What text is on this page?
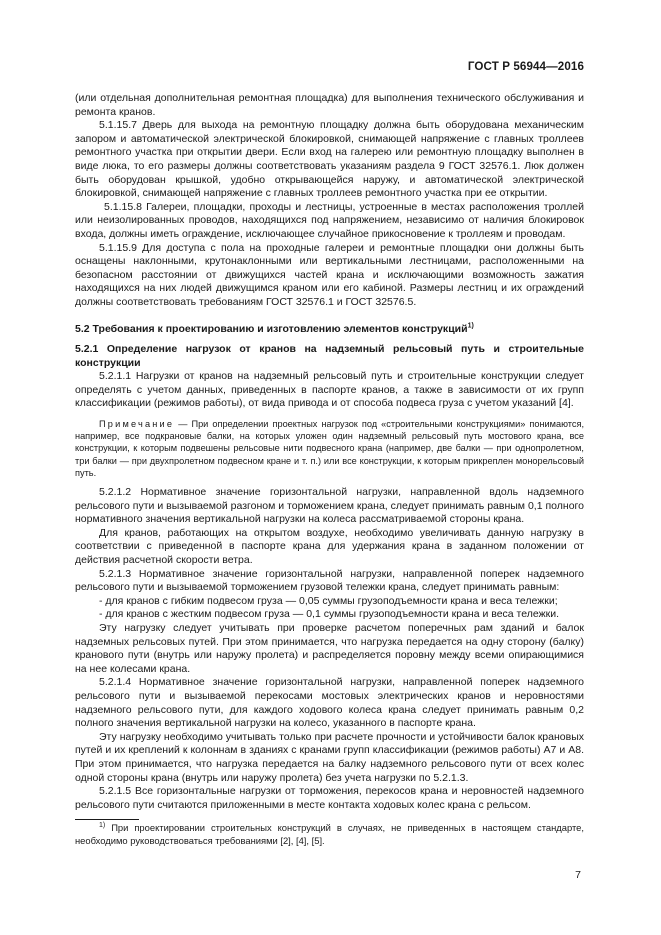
ГОСТ Р 56944—2016

(или отдельная дополнительная ремонтная площадка) для выполнения технического обслуживания и ремонта кранов.

5.1.15.7 Дверь для выхода на ремонтную площадку должна быть оборудована механическим запором и автоматической электрической блокировкой, снимающей напряжение с главных троллеев ремонтного участка при открытии двери. Если вход на галерею или ремонтную площадку выполнен в виде люка, то его размеры должны соответствовать указаниям раздела 9 ГОСТ 32576.1. Люк должен быть оборудован крышкой, удобно открывающейся наружу, и автоматической электрической блокировкой, снимающей напряжение с главных троллеев ремонтного участка при ее открытии.

5.1.15.8 Галереи, площадки, проходы и лестницы, устроенные в местах расположения троллей или неизолированных проводов, находящихся под напряжением, независимо от наличия блокировок входа, должны иметь ограждение, исключающее случайное прикосновение к троллеям и проводам.

5.1.15.9 Для доступа с пола на проходные галереи и ремонтные площадки они должны быть оснащены наклонными, крутонаклонными или вертикальными лестницами, расположенными на безопасном расстоянии от движущихся частей крана и исключающими возможность зажатия находящихся на них людей движущимся краном или его кабиной. Размеры лестниц и их ограждений должны соответствовать требованиям ГОСТ 32576.1 и ГОСТ 32576.5.

5.2 Требования к проектированию и изготовлению элементов конструкций$^{1)}$

5.2.1 Определение нагрузок от кранов на надземный рельсовый путь и строительные конструкции

5.2.1.1 Нагрузки от кранов на надземный рельсовый путь и строительные конструкции следует определять с учетом данных, приведенных в паспорте кранов, а также в зависимости от их групп классификации (режимов работы), от вида привода и от способа подвеса груза с учетом указаний [4].

Примечание — При определении проектных нагрузок под «строительными конструкциями» понимаются, например, все подкрановые балки, на которых уложен один надземный рельсовый путь мостового крана, все конструкции, к которым подвешены рельсовые нити подвесного крана (например, две балки — при однопролетном, три балки — при двухпролетном подвесном кране и т. п.) или все конструкции, к которым прикреплен монорельсовый путь.

5.2.1.2 Нормативное значение горизонтальной нагрузки, направленной вдоль надземного рельсового пути и вызываемой разгоном и торможением крана, следует принимать равным 0,1 полного нормативного значения вертикальной нагрузки на колеса рассматриваемой стороны крана.

Для кранов, работающих на открытом воздухе, необходимо увеличивать данную нагрузку в соответствии с приведенной в паспорте крана для удержания крана в заданном положении от действия расчетной скорости ветра.

5.2.1.3 Нормативное значение горизонтальной нагрузки, направленной поперек надземного рельсового пути и вызываемой торможением грузовой тележки крана, следует принимать равным:

- для кранов с гибким подвесом груза — 0,05 суммы грузоподъемности крана и веса тележки;

- для кранов с жестким подвесом груза — 0,1 суммы грузоподъемности крана и веса тележки.

Эту нагрузку следует учитывать при проверке расчетом поперечных рам зданий и балок надземных рельсовых путей. При этом принимается, что нагрузка передается на одну сторону (балку) кранового пути (внутрь или наружу пролета) и распределяется поровну между всеми опирающимися на нее колесами крана.

5.2.1.4 Нормативное значение горизонтальной нагрузки, направленной поперек надземного рельсового пути и вызываемой перекосами мостовых электрических кранов и неровностями надземного рельсового пути, для каждого ходового колеса крана следует принимать равным 0,2 полного значения вертикальной нагрузки на колесо, указанного в паспорте крана.

Эту нагрузку необходимо учитывать только при расчете прочности и устойчивости балок крановых путей и их креплений к колоннам в зданиях с кранами групп классификации (режимов работы) А7 и А8. При этом принимается, что нагрузка передается на балку надземного рельсового пути от всех колес одной стороны крана (внутрь или наружу пролета) без учета нагрузки по 5.2.1.3.

5.2.1.5 Все горизонтальные нагрузки от торможения, перекосов крана и неровностей надземного рельсового пути считаются приложенными в месте контакта ходовых колес крана с рельсом.

$^{1)}$ При проектировании строительных конструкций в случаях, не приведенных в настоящем стандарте, необходимо руководствоваться требованиями [2], [4], [5].

7
